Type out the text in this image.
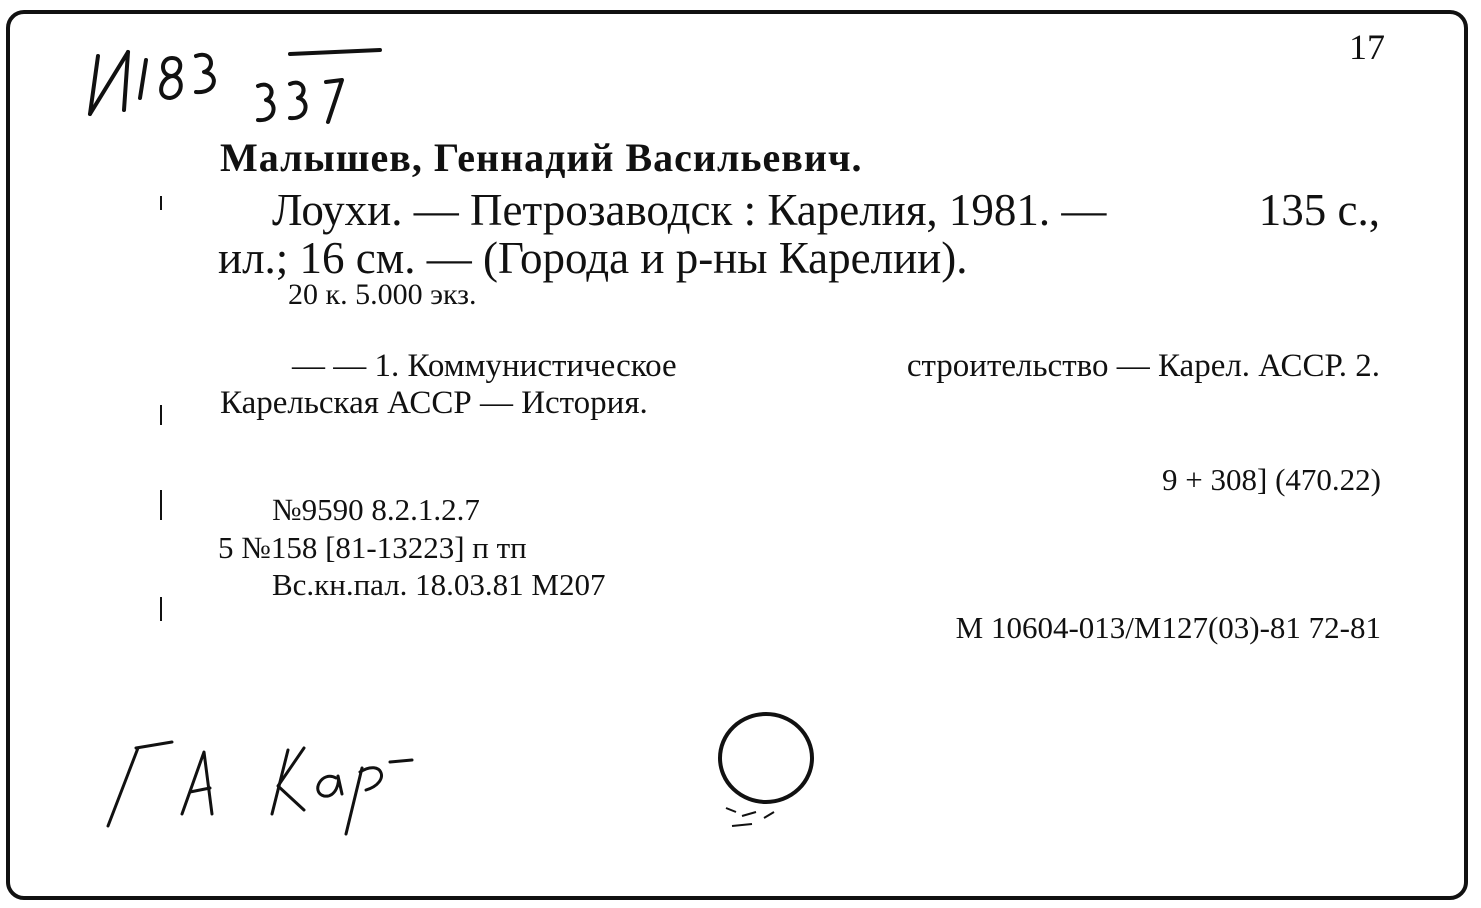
17
Малышев, Геннадий Васильевич.
Лоухи. — Петрозаводск : Карелия, 1981. —	135 с.,
ил.; 16 см. — (Города и р-ны Карелии).
20 к. 5.000 экз.
— — 1. Коммунистическое	строительство — Карел. АССР. 2.
Карельская АССР — История.
9 + 308] (470.22)
№9590 8.2.1.2.7
5 №158 [81-13223] п тп
Вс.кн.пал. 18.03.81 М207
М 10604-013/М127(03)-81 72-81
